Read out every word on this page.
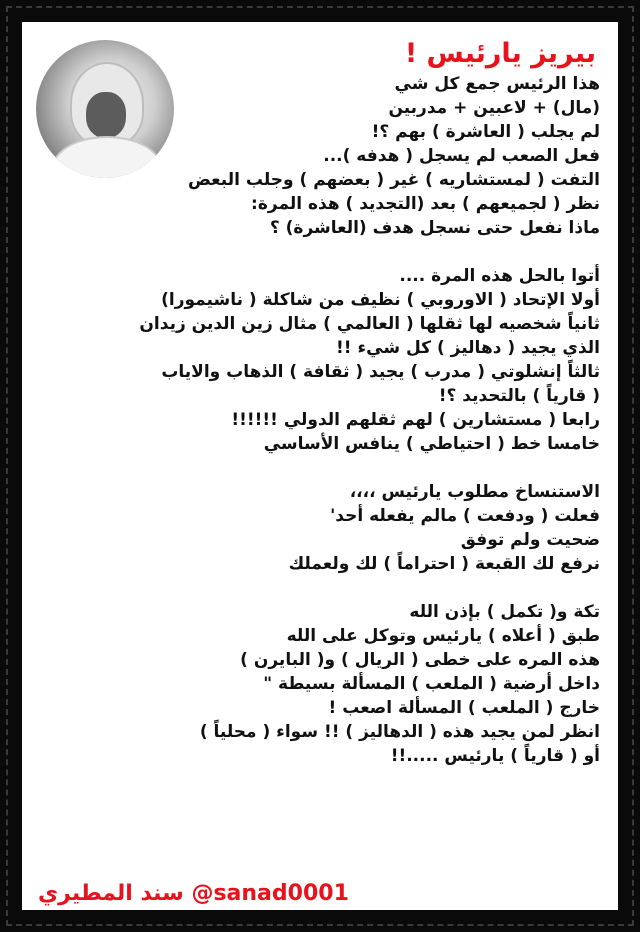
بيريز يارئيس !
هذا الرئيس جمع كل شي
(مال) + لاعبين + مدربين
لم يجلب ( العاشرة ) بهم ؟!
فعل الصعب لم يسجل ( هدفه )...
التفت ( لمستشاريه ) غير ( بعضهم ) وجلب البعض
نظر ( لجميعهم ) بعد (التجديد ) هذه المرة:
ماذا نفعل حتى نسجل هدف (العاشرة) ؟
أتوا بالحل هذه المرة ....
أولا الإتحاد ( الاوروبي ) نظيف من شاكلة ( ناشيمورا)
ثانياً شخصيه لها ثقلها ( العالمي ) مثال زين الدين زيدان
الذي يجيد ( دهاليز ) كل شيء !!
ثالثاً إنشلوتي ( مدرب ) يجيد ( ثقافة ) الذهاب والاياب
( قارياً ) بالتحديد ؟!
رابعا ( مستشارين ) لهم ثقلهم الدولي !!!!!!
خامسا خط ( احتياطي ) ينافس الأساسي
الاستنساخ مطلوب يارئيس ،،،،
فعلت ( ودفعت ) مالم يفعله أحد'
ضحيت ولم توفق
نرفع لك القبعة ( احتراماً ) لك ولعملك
تكة و( تكمل ) بإذن الله
طبق ( أعلاه ) يارئيس وتوكل على الله
هذه المره على خطى ( الريال ) و( البايرن )
داخل أرضية ( الملعب ) المسألة بسيطة "
خارج ( الملعب ) المسألة اصعب !
انظر لمن يجيد هذه ( الدهاليز ) !! سواء ( محلياً )
أو ( قارياً ) يارئيس .....!!
سند المطيري @sanad0001
